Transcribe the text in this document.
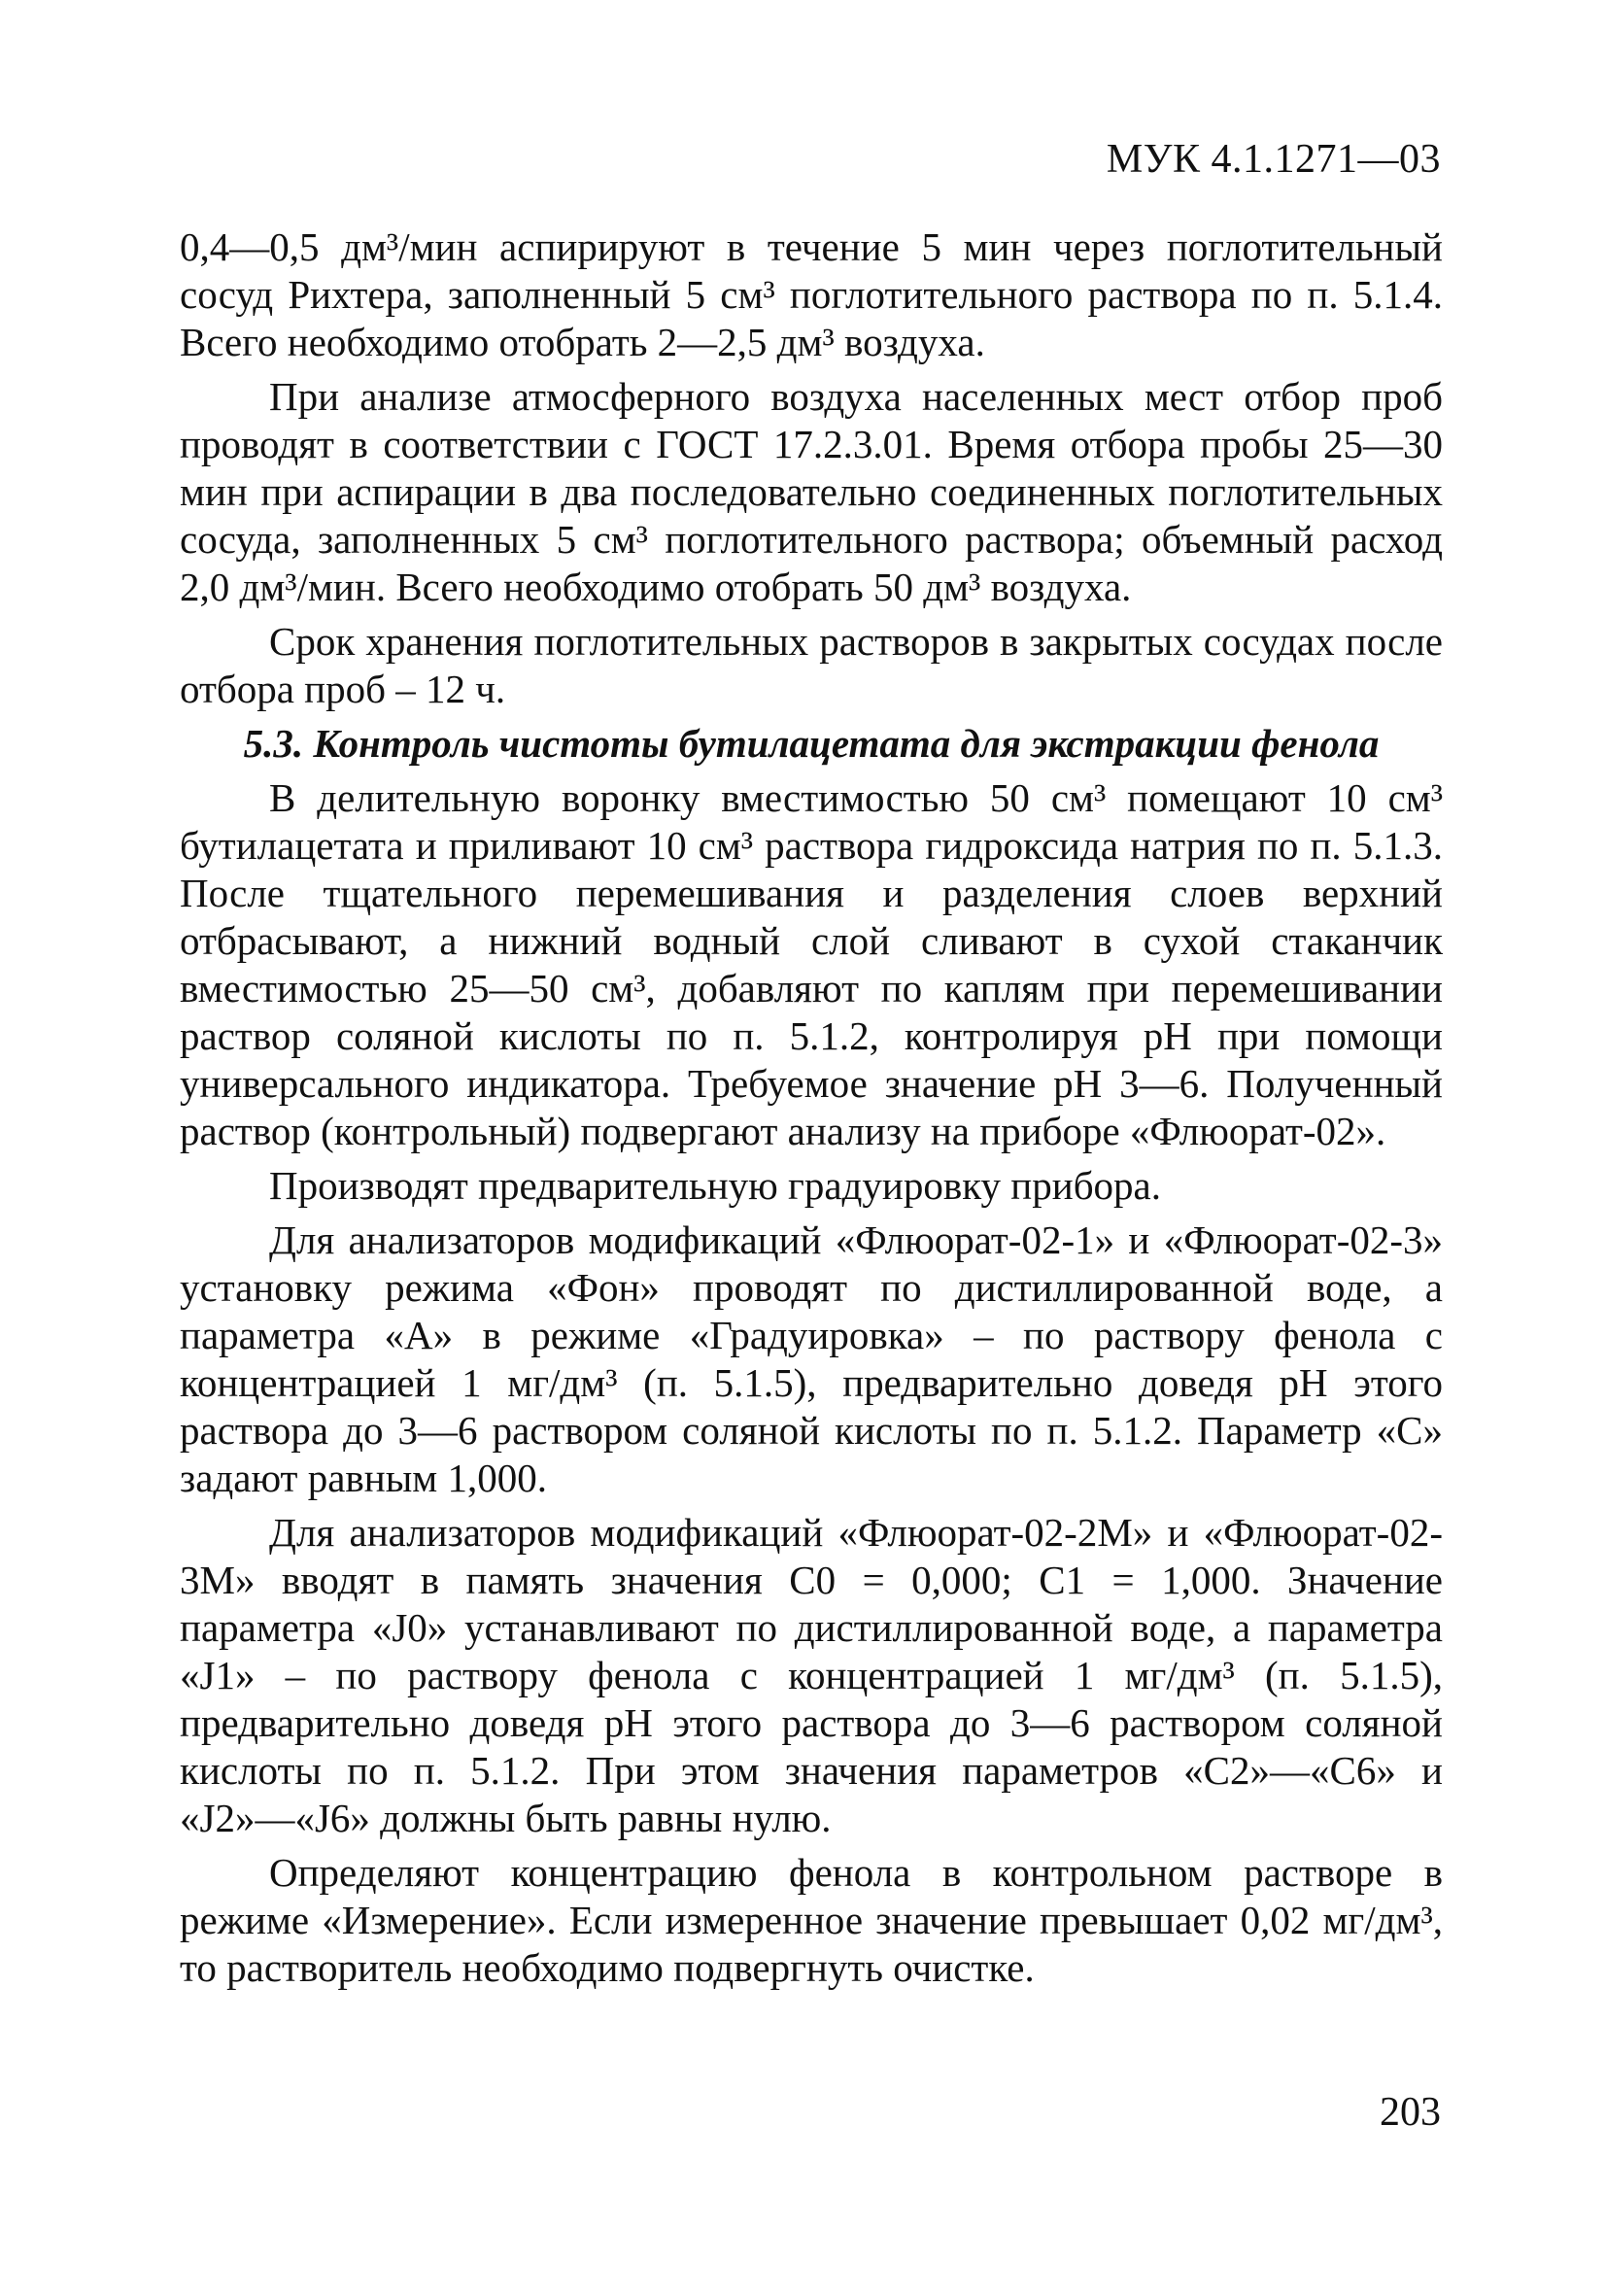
МУК 4.1.1271—03

0,4—0,5 дм³/мин аспирируют в течение 5 мин через поглотительный сосуд Рихтера, заполненный 5 см³ поглотительного раствора по п. 5.1.4. Всего необходимо отобрать 2—2,5 дм³ воздуха.

При анализе атмосферного воздуха населенных мест отбор проб проводят в соответствии с ГОСТ 17.2.3.01. Время отбора пробы 25—30 мин при аспирации в два последовательно соединенных поглотительных сосуда, заполненных 5 см³ поглотительного раствора; объемный расход 2,0 дм³/мин. Всего необходимо отобрать 50 дм³ воздуха.

Срок хранения поглотительных растворов в закрытых сосудах после отбора проб – 12 ч.

5.3. Контроль чистоты бутилацетата для экстракции фенола

В делительную воронку вместимостью 50 см³ помещают 10 см³ бутилацетата и приливают 10 см³ раствора гидроксида натрия по п. 5.1.3. После тщательного перемешивания и разделения слоев верхний отбрасывают, а нижний водный слой сливают в сухой стаканчик вместимостью 25—50 см³, добавляют по каплям при перемешивании раствор соляной кислоты по п. 5.1.2, контролируя pH при помощи универсального индикатора. Требуемое значение pH 3—6. Полученный раствор (контрольный) подвергают анализу на приборе «Флюорат-02».

Производят предварительную градуировку прибора.

Для анализаторов модификаций «Флюорат-02-1» и «Флюорат-02-3» установку режима «Фон» проводят по дистиллированной воде, а параметра «А» в режиме «Градуировка» – по раствору фенола с концентрацией 1 мг/дм³ (п. 5.1.5), предварительно доведя pH этого раствора до 3—6 раствором соляной кислоты по п. 5.1.2. Параметр «С» задают равным 1,000.

Для анализаторов модификаций «Флюорат-02-2М» и «Флюорат-02-3М» вводят в память значения С0 = 0,000; С1 = 1,000. Значение параметра «J0» устанавливают по дистиллированной воде, а параметра «J1» – по раствору фенола с концентрацией 1 мг/дм³ (п. 5.1.5), предварительно доведя pH этого раствора до 3—6 раствором соляной кислоты по п. 5.1.2. При этом значения параметров «С2»—«С6» и «J2»—«J6» должны быть равны нулю.

Определяют концентрацию фенола в контрольном растворе в режиме «Измерение». Если измеренное значение превышает 0,02 мг/дм³, то растворитель необходимо подвергнуть очистке.

203
